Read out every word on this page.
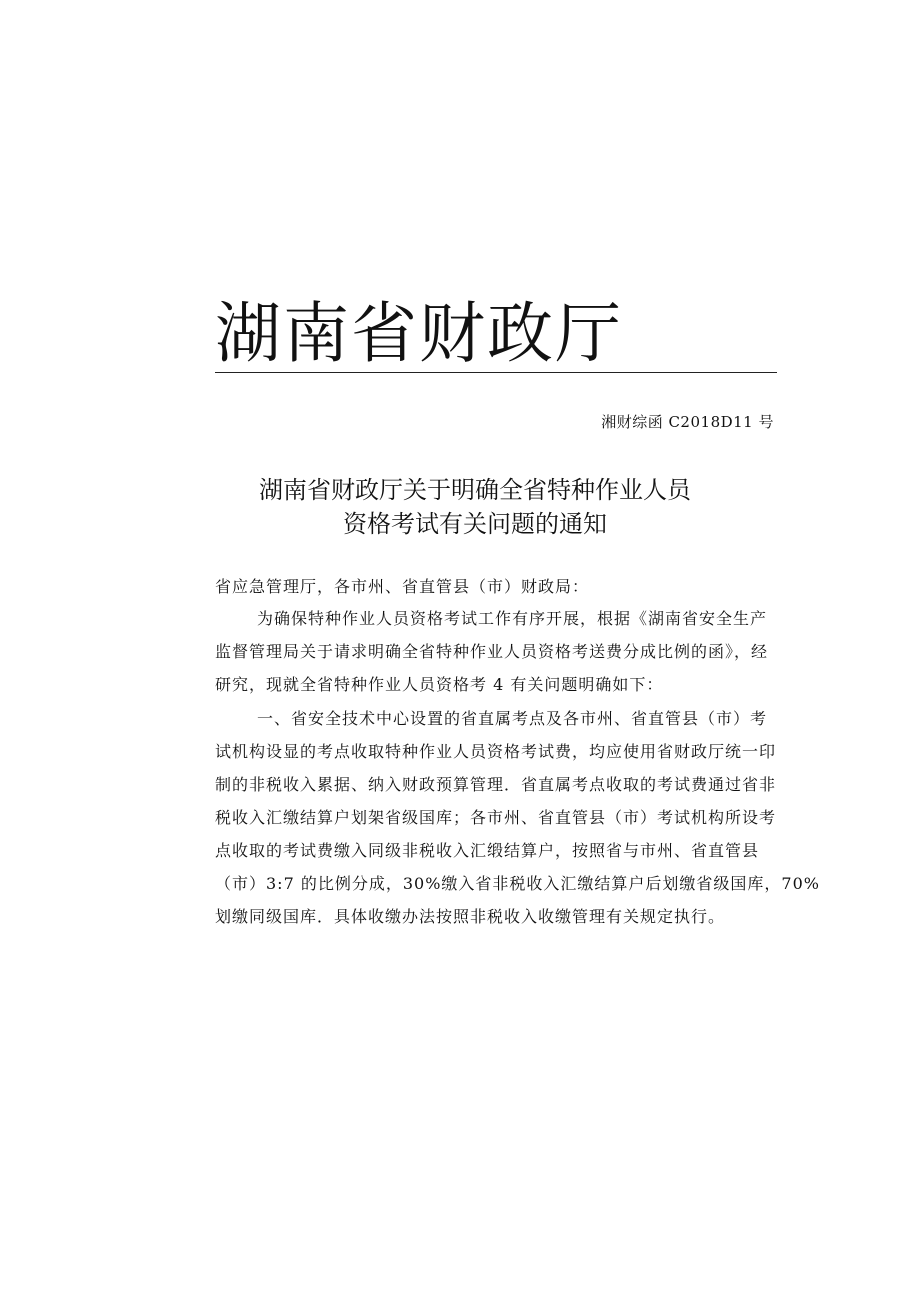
湖南省财政厅
湘财综函 C2018D11 号
湖南省财政厅关于明确全省特种作业人员
资格考试有关问题的通知
省应急管理厅，各市州、省直管县（市）财政局：
为确保特种作业人员资格考试工作有序开展，根据《湖南省安全生产
监督管理局关于请求明确全省特种作业人员资格考送费分成比例的函》，经
研究，现就全省特种作业人员资格考 4 有关问题明确如下：
一、省安全技术中心设置的省直属考点及各市州、省直管县（市）考
试机构设显的考点收取特种作业人员资格考试费，均应使用省财政厅统一印
制的非税收入累据、纳入财政预算管理．省直属考点收取的考试费通过省非
税收入汇缴结算户划架省级国库；各市州、省直管县（市）考试机构所设考
点收取的考试费缴入同级非税收入汇缎结算户，按照省与市州、省直管县
（市）3:7 的比例分成，30%缴入省非税收入汇缴结算户后划缴省级国库，70%
划缴同级国库．具体收缴办法按照非税收入收缴管理有关规定执行。
